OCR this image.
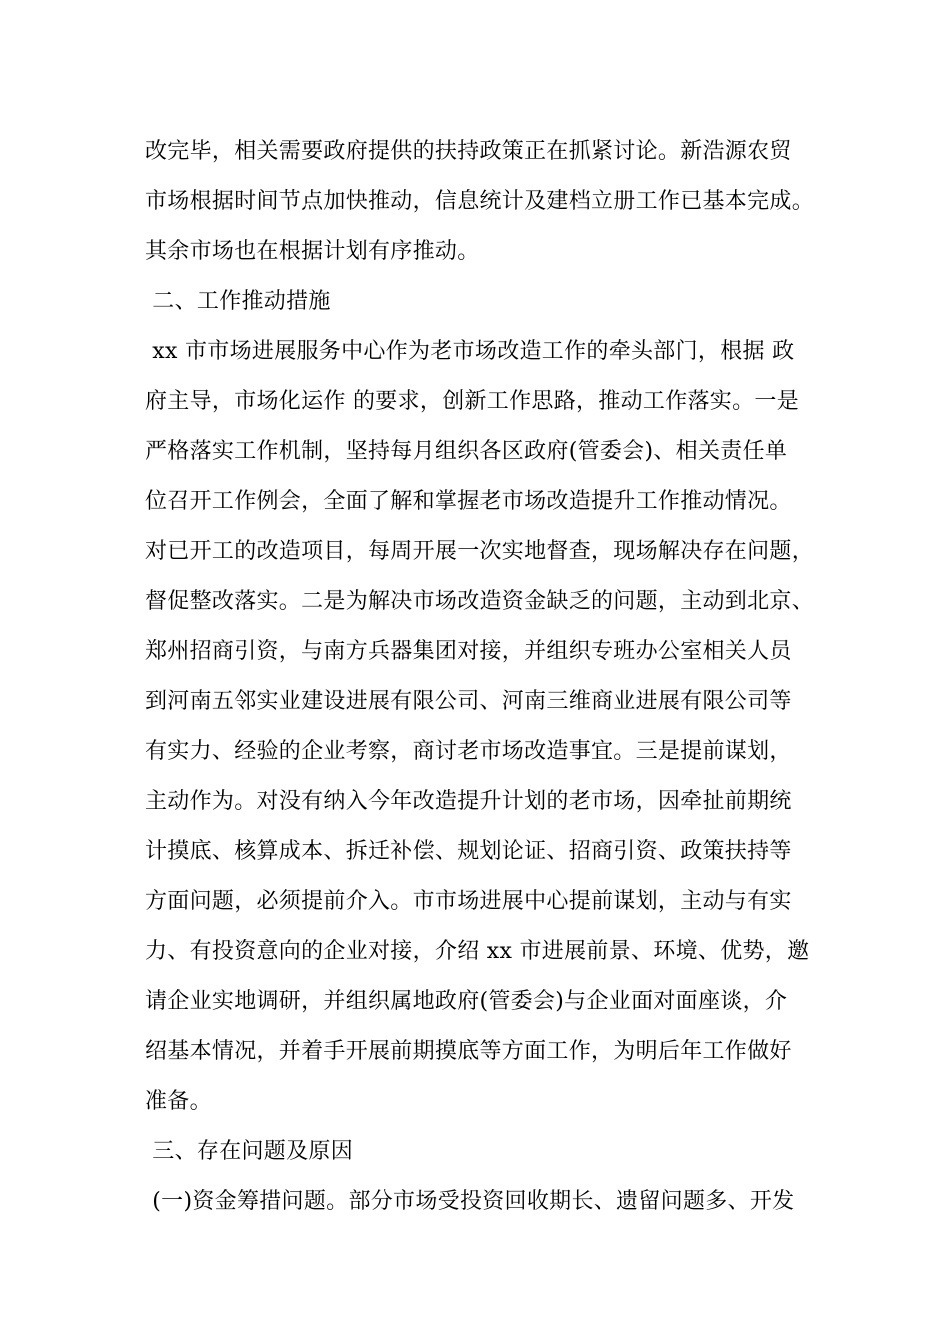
改完毕，相关需要政府提供的扶持政策正在抓紧讨论。新浩源农贸
市场根据时间节点加快推动，信息统计及建档立册工作已基本完成。
其余市场也在根据计划有序推动。
二、工作推动措施
xx 市市场进展服务中心作为老市场改造工作的牵头部门，根据 政
府主导，市场化运作 的要求，创新工作思路，推动工作落实。一是
严格落实工作机制，坚持每月组织各区政府(管委会)、相关责任单
位召开工作例会，全面了解和掌握老市场改造提升工作推动情况。
对已开工的改造项目，每周开展一次实地督查，现场解决存在问题，
督促整改落实。二是为解决市场改造资金缺乏的问题，主动到北京、
郑州招商引资，与南方兵器集团对接，并组织专班办公室相关人员
到河南五邻实业建设进展有限公司、河南三维商业进展有限公司等
有实力、经验的企业考察，商讨老市场改造事宜。三是提前谋划，
主动作为。对没有纳入今年改造提升计划的老市场，因牵扯前期统
计摸底、核算成本、拆迁补偿、规划论证、招商引资、政策扶持等
方面问题，必须提前介入。市市场进展中心提前谋划，主动与有实
力、有投资意向的企业对接，介绍 xx 市进展前景、环境、优势，邀
请企业实地调研，并组织属地政府(管委会)与企业面对面座谈，介
绍基本情况，并着手开展前期摸底等方面工作，为明后年工作做好
准备。
三、存在问题及原因
(一)资金筹措问题。部分市场受投资回收期长、遗留问题多、开发
